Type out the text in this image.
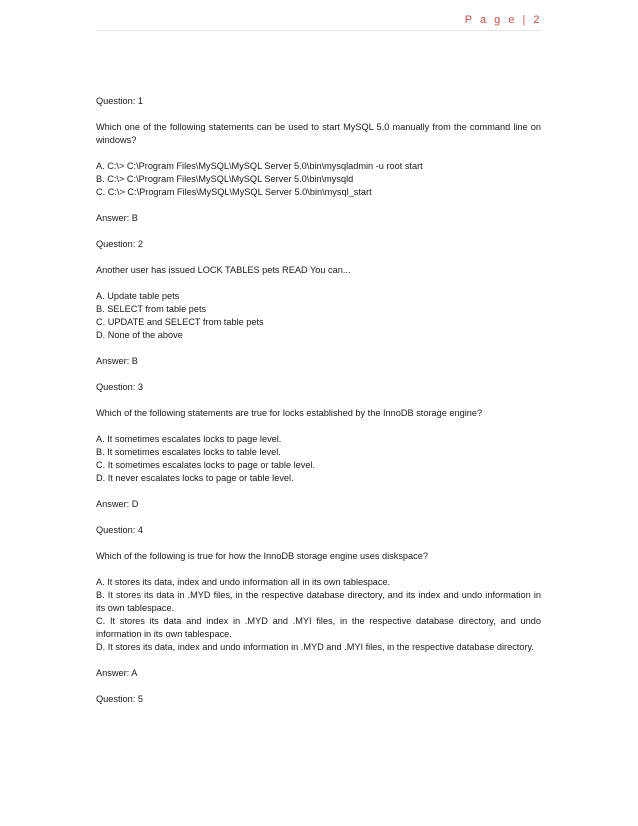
P a g e | 2

Question: 1

Which one of the following statements can be used to start MySQL 5.0 manually from the command line on windows?

A. C:\> C:\Program Files\MySQL\MySQL Server 5.0\bin\mysqladmin -u root start
B. C:\> C:\Program Files\MySQL\MySQL Server 5.0\bin\mysqld
C. C:\> C:\Program Files\MySQL\MySQL Server 5.0\bin\mysql_start

Answer: B

Question: 2

Another user has issued LOCK TABLES pets READ You can...

A. Update table pets
B. SELECT from table pets
C. UPDATE and SELECT from table pets
D. None of the above

Answer: B

Question: 3

Which of the following statements are true for locks established by the InnoDB storage engine?

A. It sometimes escalates locks to page level.
B. It sometimes escalates locks to table level.
C. It sometimes escalates locks to page or table level.
D. It never escalates locks to page or table level.

Answer: D

Question: 4

Which of the following is true for how the InnoDB storage engine uses diskspace?

A. It stores its data, index and undo information all in its own tablespace.
B. It stores its data in .MYD files, in the respective database directory, and its index and undo information in its own tablespace.
C. It stores its data and index in .MYD and .MYI files, in the respective database directory, and undo information in its own tablespace.
D. It stores its data, index and undo information in .MYD and .MYI files, in the respective database directory.

Answer: A

Question: 5
